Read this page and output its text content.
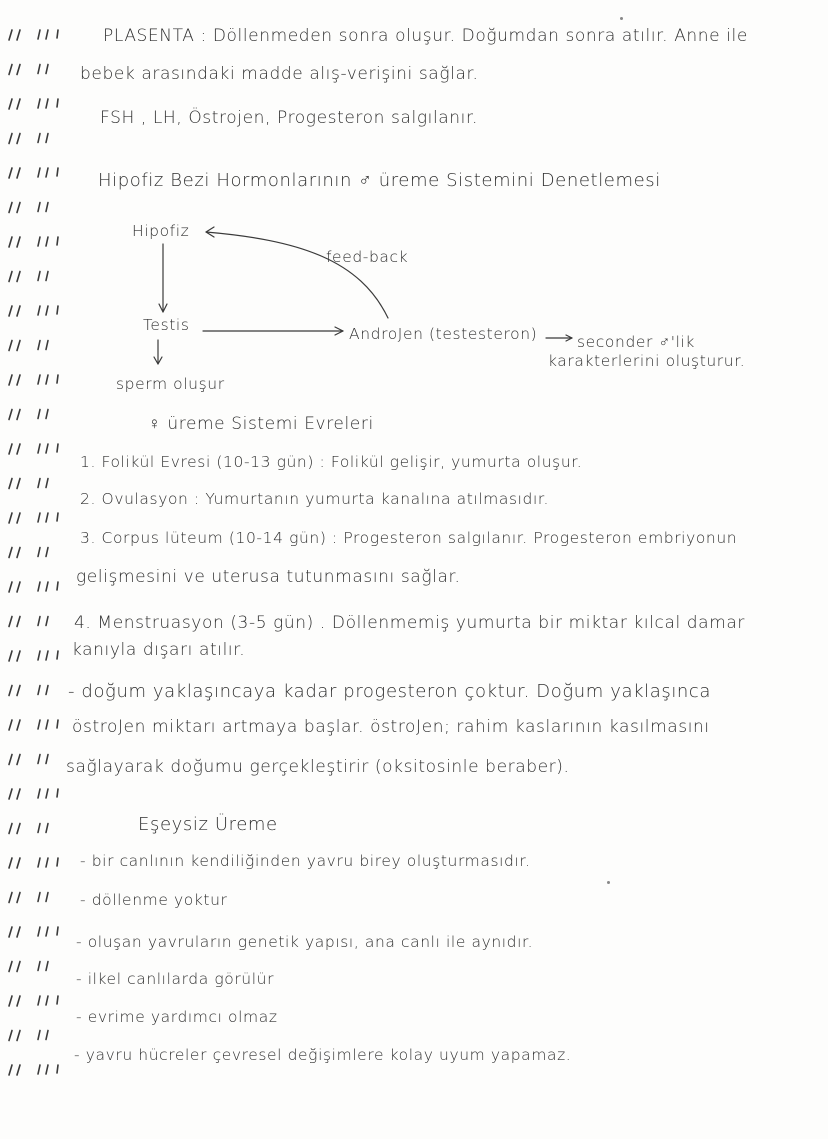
PLASENTA : Döllenmeden sonra oluşur. Doğumdan sonra atılır. Anne ile
bebek arasındaki madde alış-verişini sağlar.
FSH , LH, Östrojen, Progesteron salgılanır.
Hipofiz Bezi Hormonlarının ♂ üreme Sistemini Denetlemesi
Hipofiz
feed-back
Testis	AndroJen (testesteron)	seconder ♂'lik
karakterlerini oluşturur.
sperm oluşur
♀ üreme Sistemi Evreleri
1. Folikül Evresi (10-13 gün) : Folikül gelişir, yumurta oluşur.
2. Ovulasyon : Yumurtanın yumurta kanalına atılmasıdır.
3. Corpus lüteum (10-14 gün) : Progesteron salgılanır. Progesteron embriyonun
gelişmesini ve uterusa tutunmasını sağlar.
4. Menstruasyon (3-5 gün) . Döllenmemiş yumurta bir miktar kılcal damar
kanıyla dışarı atılır.
- doğum yaklaşıncaya kadar progesteron çoktur. Doğum yaklaşınca
östroJen miktarı artmaya başlar. östroJen; rahim kaslarının kasılmasını
sağlayarak doğumu gerçekleştirir (oksitosinle beraber).
Eşeysiz Üreme
- bir canlının kendiliğinden yavru birey oluşturmasıdır.
- döllenme yoktur
- oluşan yavruların genetik yapısı, ana canlı ile aynıdır.
- ilkel canlılarda görülür
- evrime yardımcı olmaz
- yavru hücreler çevresel değişimlere kolay uyum yapamaz.
